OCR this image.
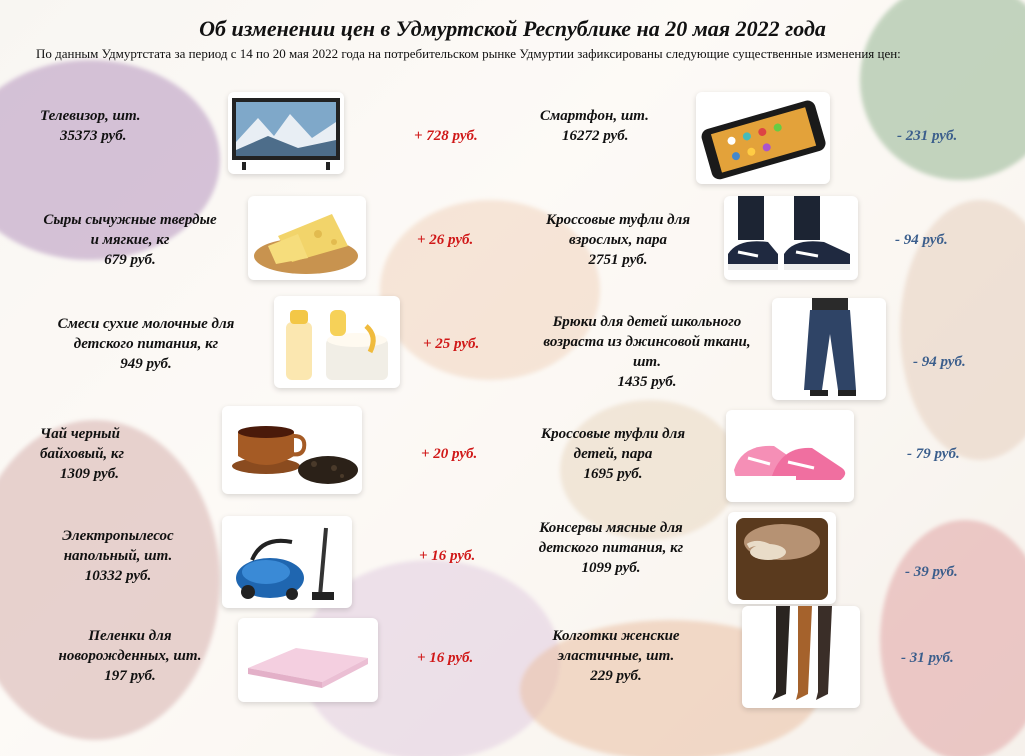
Об изменении цен в Удмуртской Республике на 20 мая 2022 года
По данным Удмуртстата за период с 14 по 20 мая 2022 года на потребительском рынке Удмуртии зафиксированы следующие существенные изменения цен:
Телевизор, шт.
35373 руб.	+ 728 руб.
Сыры сычужные твердые и мягкие, кг
679 руб.
+ 26 руб.
Смеси сухие молочные для детского питания, кг
949 руб.
+ 25 руб.
Чай черный байховый, кг
1309 руб.
+ 20 руб.
Электропылесос напольный, шт.
10332 руб.
+ 16 руб.
Пеленки для новорожденных, шт.
197 руб.
+ 16 руб.
Смартфон, шт.
16272 руб.	- 231 руб.
Кроссовые туфли для взрослых, пара
2751 руб.
- 94 руб.
Брюки для детей школьного возраста из джинсовой ткани, шт.
1435 руб.
- 94 руб.
Кроссовые туфли для детей, пара
1695 руб.
- 79 руб.
Консервы мясные для детского питания, кг
1099 руб.	- 39 руб.
Колготки женские эластичные, шт.
229 руб.
- 31 руб.
